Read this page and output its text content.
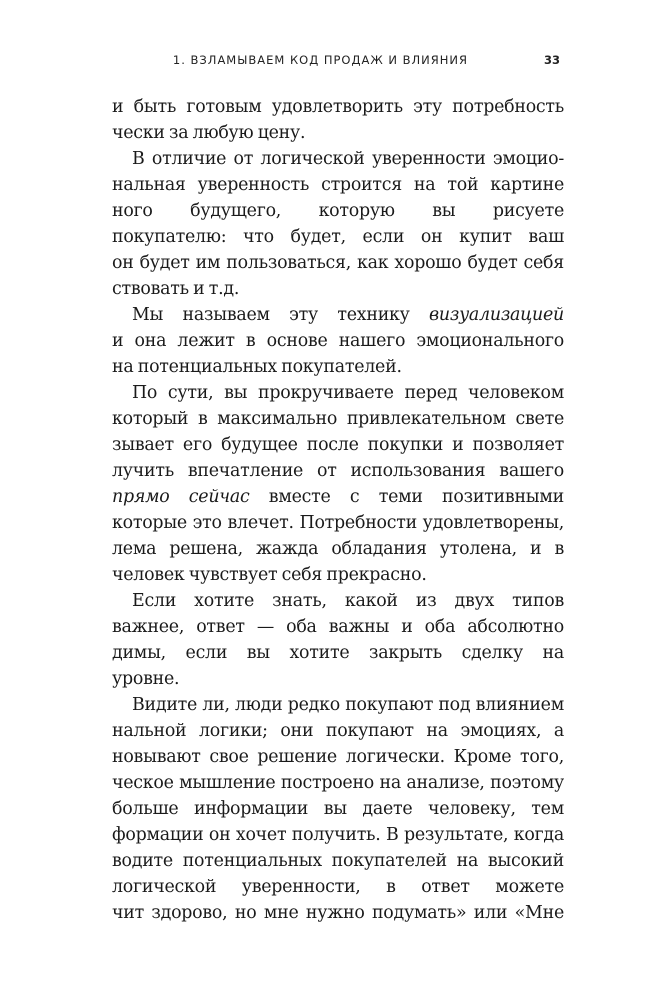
1. ВЗЛАМЫВАЕМ КОД ПРОДАЖ И ВЛИЯНИЯ	33
и быть готовым удовлетворить эту потребность
чески за любую цену.
В отличие от логической уверенности эмоцио-
нальная уверенность строится на той картине
ного будущего, которую вы рисуете
покупателю: что будет, если он купит ваш
он будет им пользоваться, как хорошо будет себя
ствовать и т.д.
Мы называем эту технику визуализацией
и она лежит в основе нашего эмоционального
на потенциальных покупателей.
По сути, вы прокручиваете перед человеком
который в максимально привлекательном свете
зывает его будущее после покупки и позволяет
лучить впечатление от использования вашего
прямо сейчас вместе с теми позитивными
которые это влечет. Потребности удовлетворены,
лема решена, жажда обладания утолена, и в
человек чувствует себя прекрасно.
Если хотите знать, какой из двух типов
важнее, ответ — оба важны и оба абсолютно
димы, если вы хотите закрыть сделку на
уровне.
Видите ли, люди редко покупают под влиянием
нальной логики; они покупают на эмоциях, а
новывают свое решение логически. Кроме того,
ческое мышление построено на анализе, поэтому
больше информации вы даете человеку, тем
формации он хочет получить. В результате, когда
водите потенциальных покупателей на высокий
логической уверенности, в ответ можете
чит здорово, но мне нужно подумать» или «Мне
